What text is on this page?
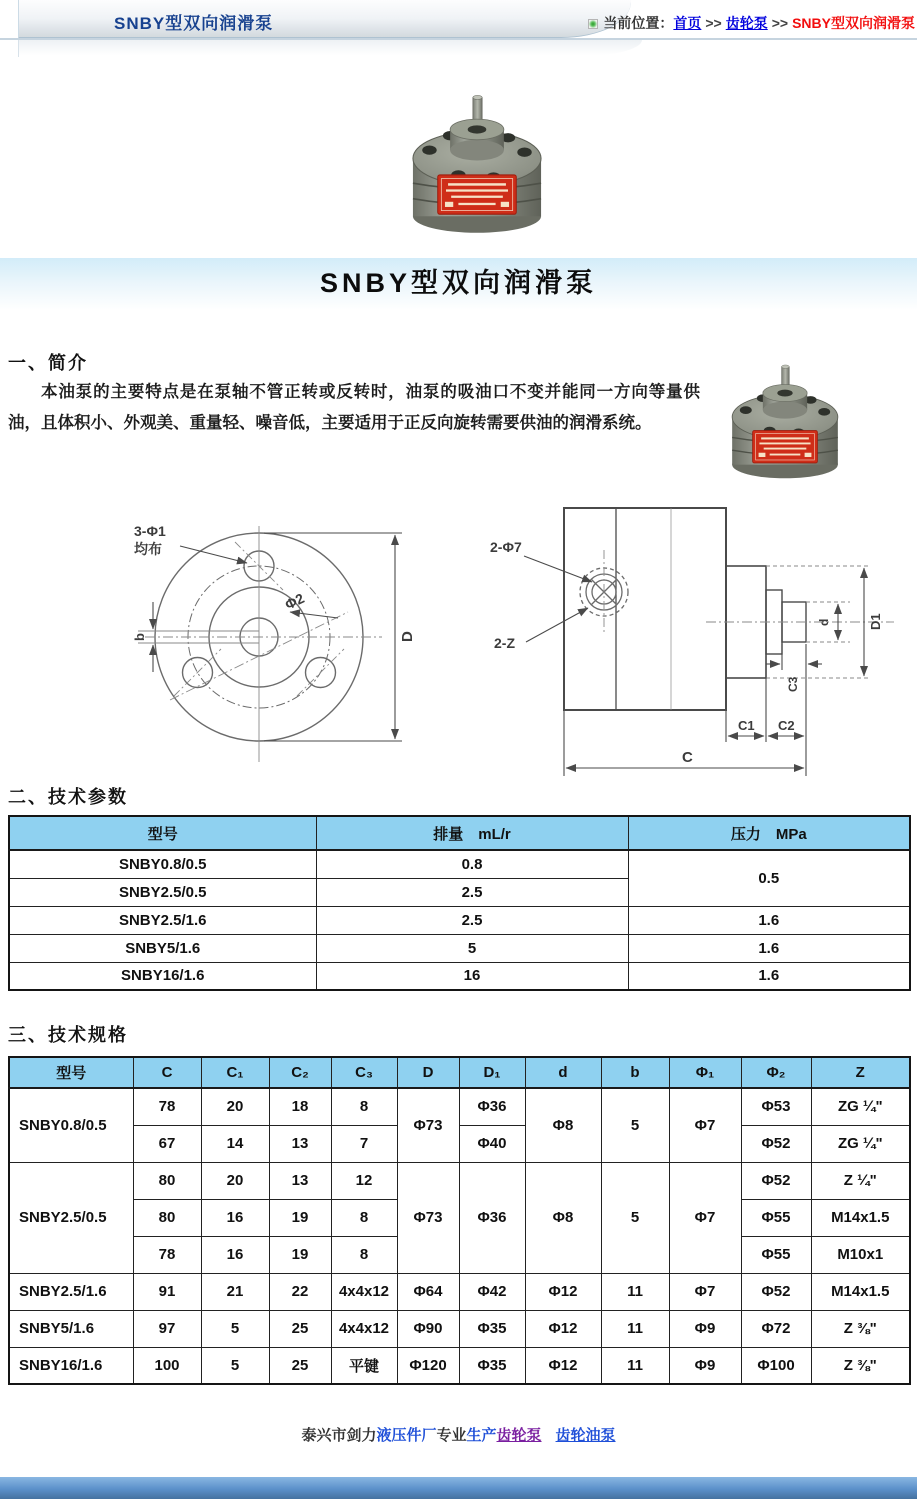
SNBY型双向润滑泵	当前位置：首页 >> 齿轮泵 >> SNBY型双向润滑泵
SNBY型双向润滑泵
一、简介
本油泵的主要特点是在泵轴不管正转或反转时，油泵的吸油口不变并能同一方向等量供油，且体积小、外观美、重量轻、噪音低，主要适用于正反向旋转需要供油的润滑系统。
3-Φ1
均布
Φ2
D
b
2-Φ7
2-Z
D1
d
C3
C1 C2
C
二、技术参数
型号	排量　mL/r	压力　MPa
SNBY0.8/0.5	0.8	0.5
SNBY2.5/0.5	2.5	
SNBY2.5/1.6	2.5	1.6
SNBY5/1.6	5	1.6
SNBY16/1.6	16	1.6
三、技术规格
型号	C	C₁	C₂	C₃	D	D₁	d	b	Φ₁	Φ₂	Z
SNBY0.8/0.5	78	20	18	8	Φ73	Φ36	Φ8	5	Φ7	Φ53	ZG ¼"
	67	14	13	7		Φ40				Φ52	ZG ¼"
SNBY2.5/0.5	80	20	13	12	Φ73	Φ36	Φ8	5	Φ7	Φ52	Z ¼"
	80	16	19	8						Φ55	M14x1.5
	78	16	19	8						Φ55	M10x1
SNBY2.5/1.6	91	21	22	4x4x12	Φ64	Φ42	Φ12	11	Φ7	Φ52	M14x1.5
SNBY5/1.6	97	5	25	4x4x12	Φ90	Φ35	Φ12	11	Φ9	Φ72	Z ⅜"
SNBY16/1.6	100	5	25	平键	Φ120	Φ35	Φ12	11	Φ9	Φ100	Z ⅜"
泰兴市剑力液压件厂专业生产齿轮泵 齿轮油泵
